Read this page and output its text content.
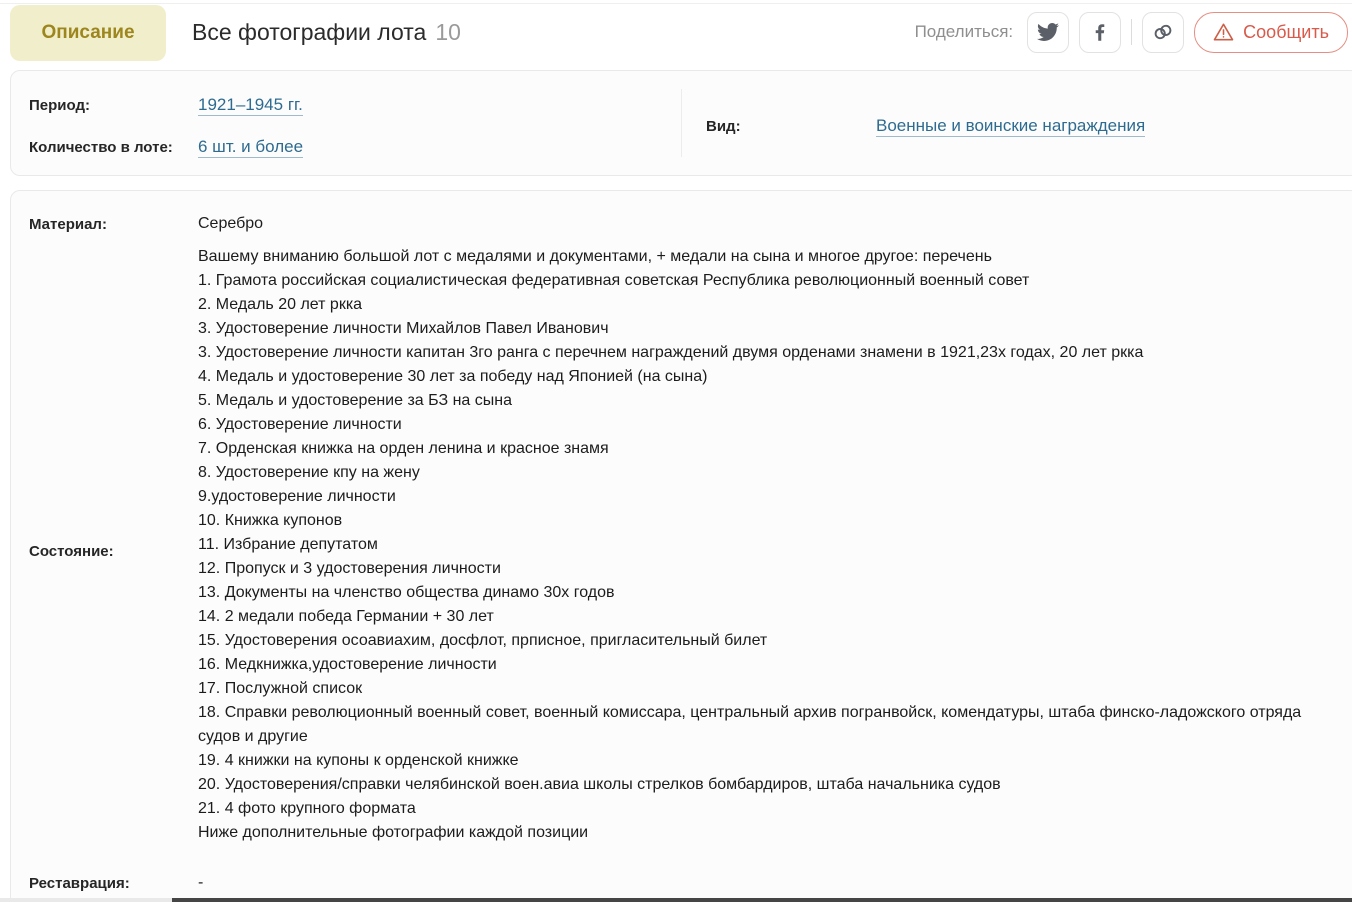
Описание	Все фотографии лота 10	Поделиться:	Сообщить
Период:	1921–1945 гг.
Количество в лоте: 6 шт. и более
Вид:	Военные и воинские награждения
Материал:	Серебро
Состояние:
Вашему вниманию большой лот с медалями и документами, + медали на сына и многое другое: перечень
1. Грамота российская социалистическая федеративная советская Республика революционный военный совет
2. Медаль 20 лет ркка
3. Удостоверение личности Михайлов Павел Иванович
3. Удостоверение личности капитан 3го ранга с перечнем награждений двумя орденами знамени в 1921,23х годах, 20 лет ркка
4. Медаль и удостоверение 30 лет за победу над Японией (на сына)
5. Медаль и удостоверение за БЗ на сына
6. Удостоверение личности
7. Орденская книжка на орден ленина и красное знамя
8. Удостоверение кпу на жену
9.удостоверение личности
10. Книжка купонов
11. Избрание депутатом
12. Пропуск и 3 удостоверения личности
13. Документы на членство общества динамо 30х годов
14. 2 медали победа Германии + 30 лет
15. Удостоверения осоавиахим, досфлот, прписное, пригласительный билет
16. Медкнижка,удостоверение личности
17. Послужной список
18. Справки революционный военный совет, военный комиссара, центральный архив погранвойск, комендатуры, штаба финско-ладожского отряда судов и другие
19. 4 книжки на купоны к орденской книжке
20. Удостоверения/справки челябинской воен.авиа школы стрелков бомбардиров, штаба начальника судов
21. 4 фото крупного формата
Ниже дополнительные фотографии каждой позиции
Реставрация:	-
